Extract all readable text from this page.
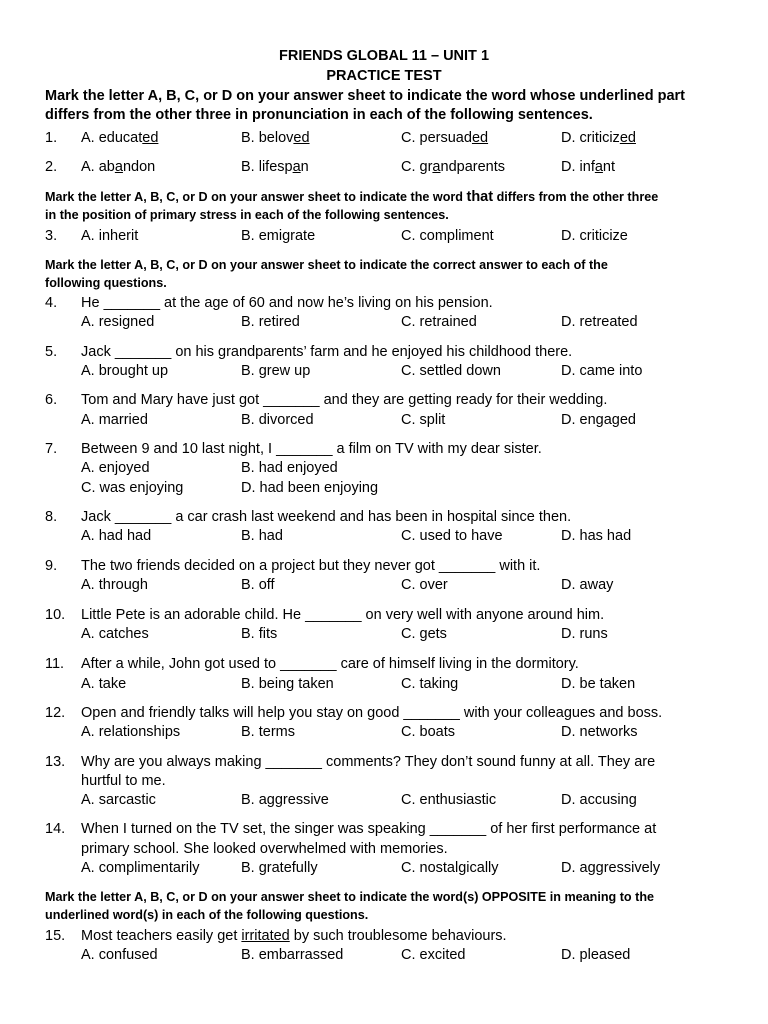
FRIENDS GLOBAL 11 – UNIT 1
PRACTICE TEST
Mark the letter A, B, C, or D on your answer sheet to indicate the word whose underlined part
differs from the other three in pronunciation in each of the following sentences.
1. A. educated	B. beloved	C. persuaded	D. criticized
2. A. abandon	B. lifespan	C. grandparents	D. infant
Mark the letter A, B, C, or D on your answer sheet to indicate the word that differs from the other three
in the position of primary stress in each of the following sentences.
3. A. inherit	B. emigrate	C. compliment	D. criticize
Mark the letter A, B, C, or D on your answer sheet to indicate the correct answer to each of the
following questions.
4. He _______ at the age of 60 and now he’s living on his pension.
A. resigned	B. retired	C. retrained	D. retreated
5. Jack _______ on his grandparents’ farm and he enjoyed his childhood there.
A. brought up	B. grew up	C. settled down	D. came into
6. Tom and Mary have just got _______ and they are getting ready for their wedding.
A. married	B. divorced	C. split	D. engaged
7. Between 9 and 10 last night, I _______ a film on TV with my dear sister.
A. enjoyed	B. had enjoyed
C. was enjoying	D. had been enjoying
8. Jack _______ a car crash last weekend and has been in hospital since then.
A. had had	B. had	C. used to have	D. has had
9. The two friends decided on a project but they never got _______ with it.
A. through	B. off	C. over	D. away
10. Little Pete is an adorable child. He _______ on very well with anyone around him.
A. catches	B. fits	C. gets	D. runs
11. After a while, John got used to _______ care of himself living in the dormitory.
A. take	B. being taken	C. taking	D. be taken
12. Open and friendly talks will help you stay on good _______ with your colleagues and boss.
A. relationships	B. terms	C. boats	D. networks
13. Why are you always making _______ comments? They don’t sound funny at all. They are
hurtful to me.
A. sarcastic	B. aggressive	C. enthusiastic	D. accusing
14. When I turned on the TV set, the singer was speaking _______ of her first performance at
primary school. She looked overwhelmed with memories.
A. complimentarily	B. gratefully	C. nostalgically	D. aggressively
Mark the letter A, B, C, or D on your answer sheet to indicate the word(s) OPPOSITE in meaning to the
underlined word(s) in each of the following questions.
15. Most teachers easily get irritated by such troublesome behaviours.
A. confused	B. embarrassed	C. excited	D. pleased
